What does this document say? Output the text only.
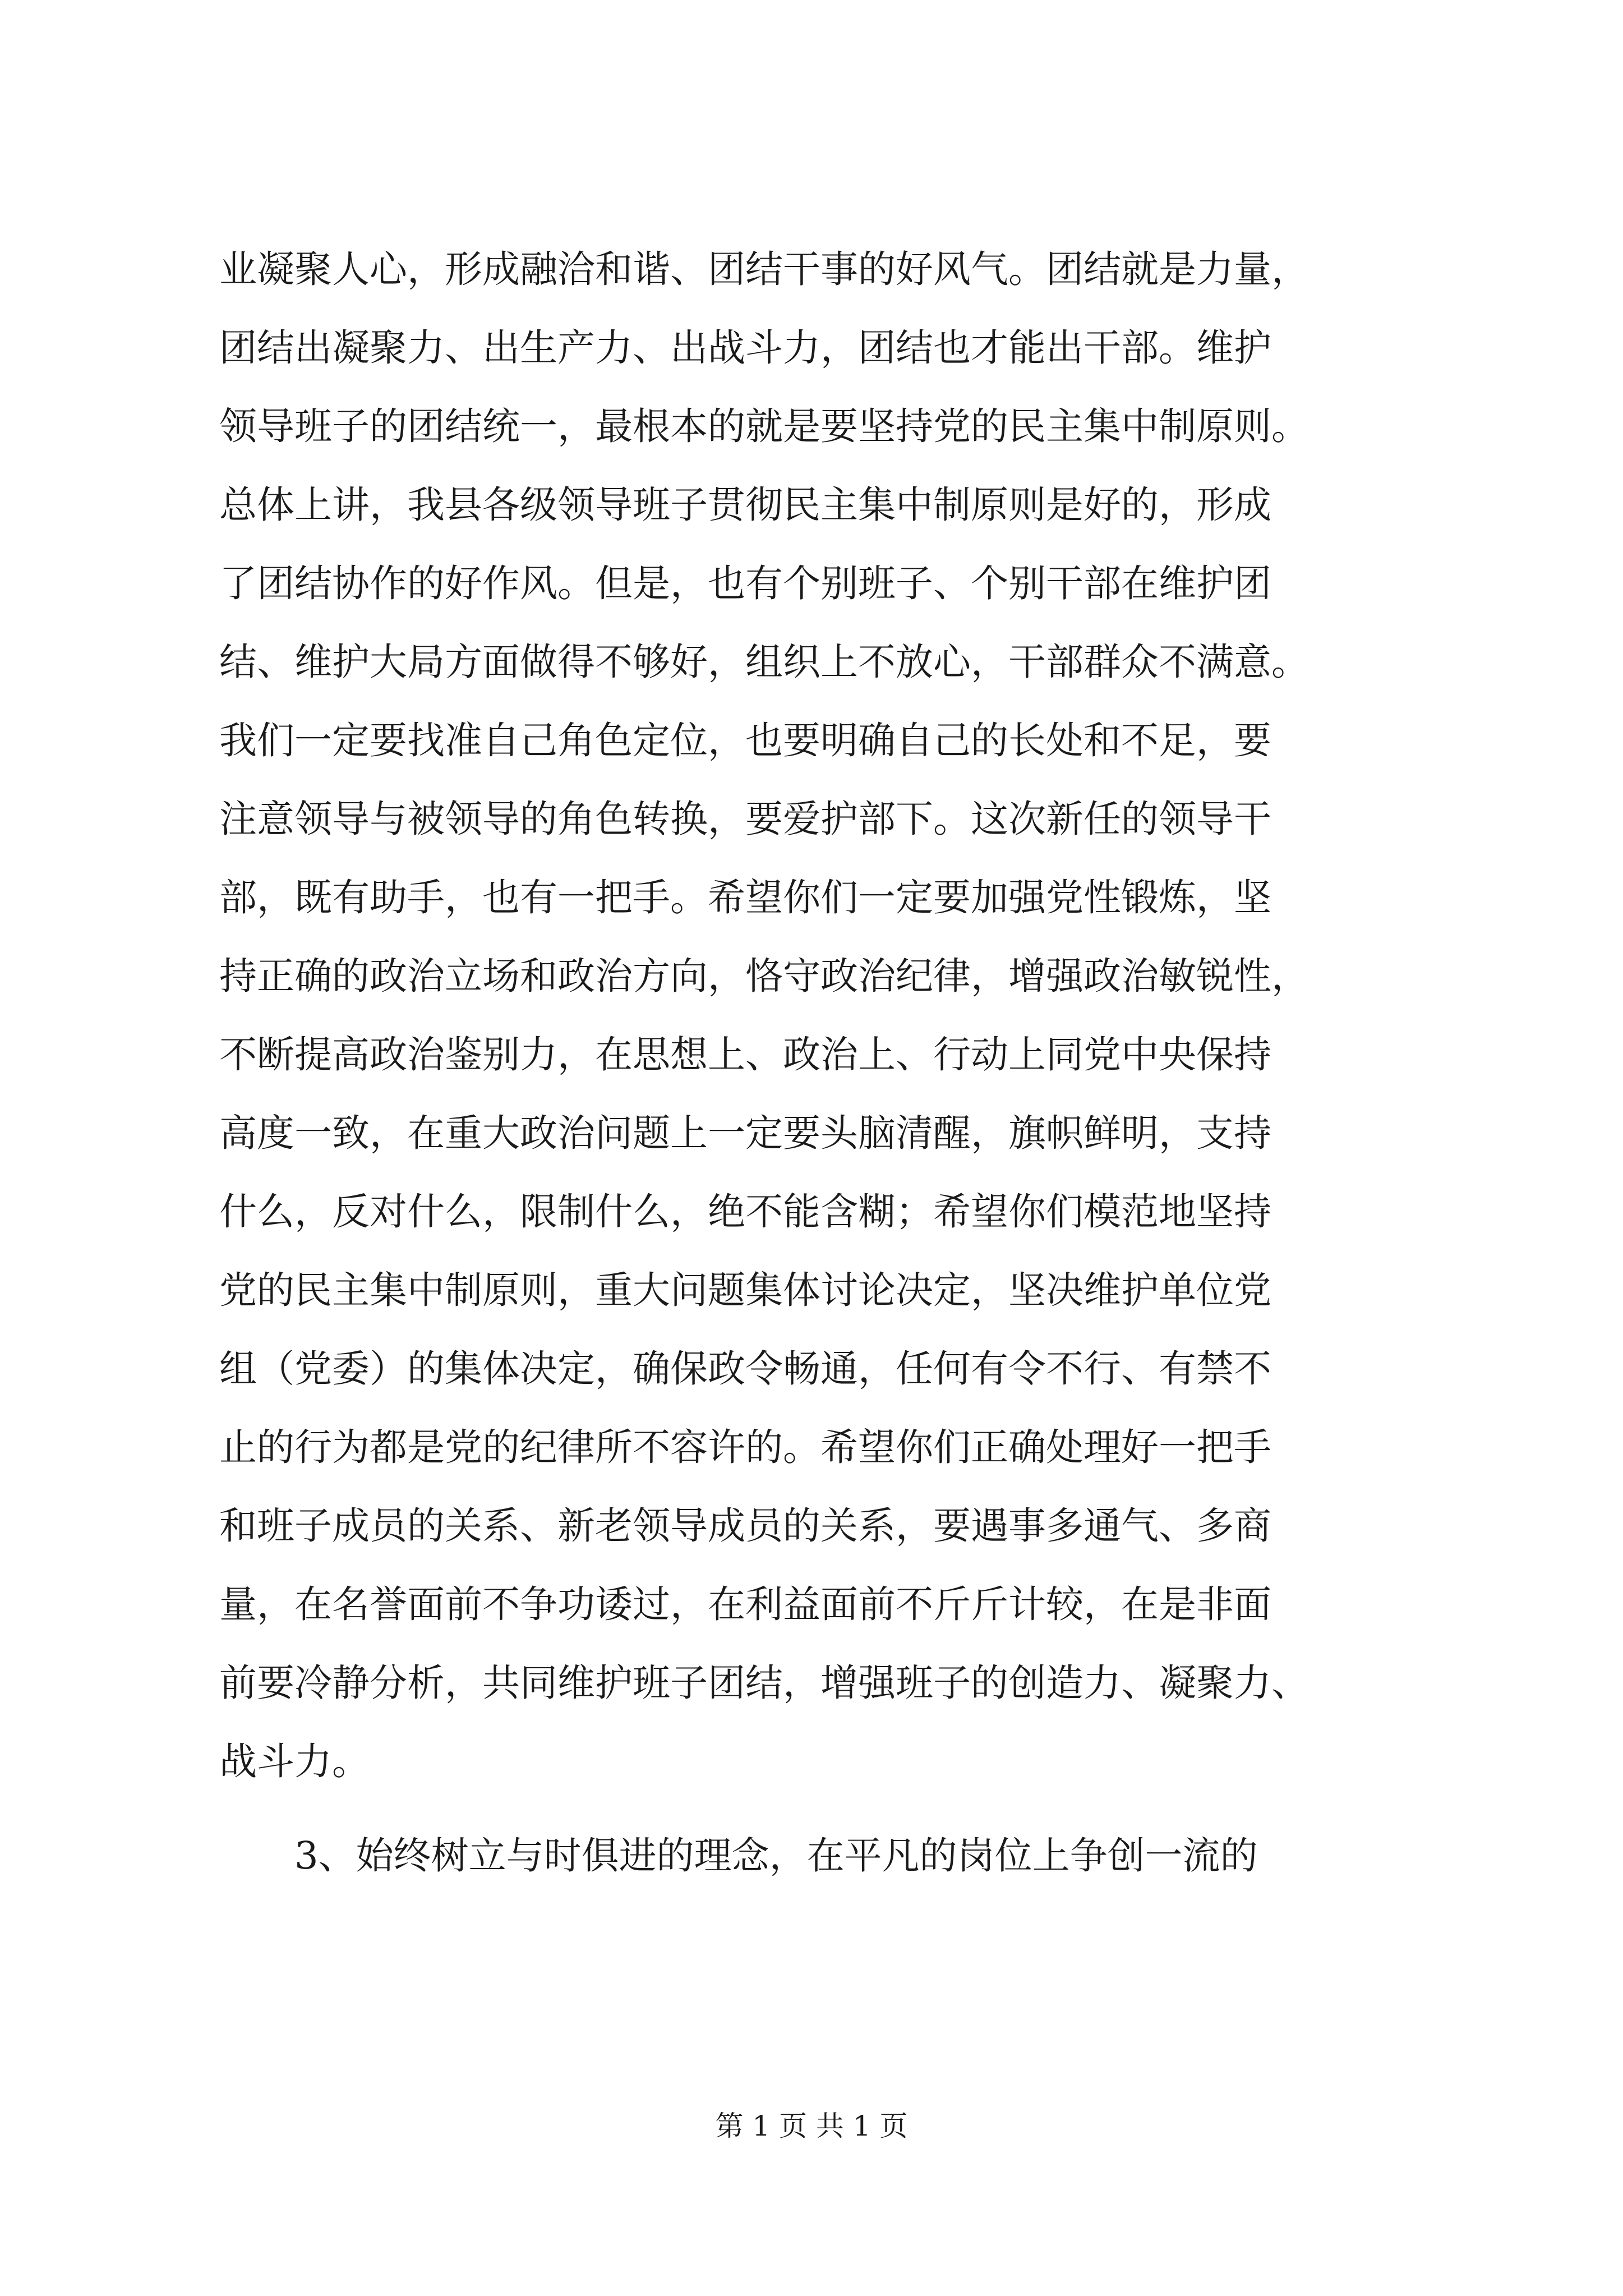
业凝聚人心，形成融洽和谐、团结干事的好风气。团结就是力量，
团结出凝聚力、出生产力、出战斗力，团结也才能出干部。维护
领导班子的团结统一，最根本的就是要坚持党的民主集中制原则。
总体上讲，我县各级领导班子贯彻民主集中制原则是好的，形成
了团结协作的好作风。但是，也有个别班子、个别干部在维护团
结、维护大局方面做得不够好，组织上不放心，干部群众不满意。
我们一定要找准自己角色定位，也要明确自己的长处和不足，要
注意领导与被领导的角色转换，要爱护部下。这次新任的领导干
部，既有助手，也有一把手。希望你们一定要加强党性锻炼，坚
持正确的政治立场和政治方向，恪守政治纪律，增强政治敏锐性，
不断提高政治鉴别力，在思想上、政治上、行动上同党中央保持
高度一致，在重大政治问题上一定要头脑清醒，旗帜鲜明，支持
什么，反对什么，限制什么，绝不能含糊；希望你们模范地坚持
党的民主集中制原则，重大问题集体讨论决定，坚决维护单位党
组（党委）的集体决定，确保政令畅通，任何有令不行、有禁不
止的行为都是党的纪律所不容许的。希望你们正确处理好一把手
和班子成员的关系、新老领导成员的关系，要遇事多通气、多商
量，在名誉面前不争功诿过，在利益面前不斤斤计较，在是非面
前要冷静分析，共同维护班子团结，增强班子的创造力、凝聚力、
战斗力。
3、始终树立与时俱进的理念，在平凡的岗位上争创一流的
第 1 页 共 1 页
